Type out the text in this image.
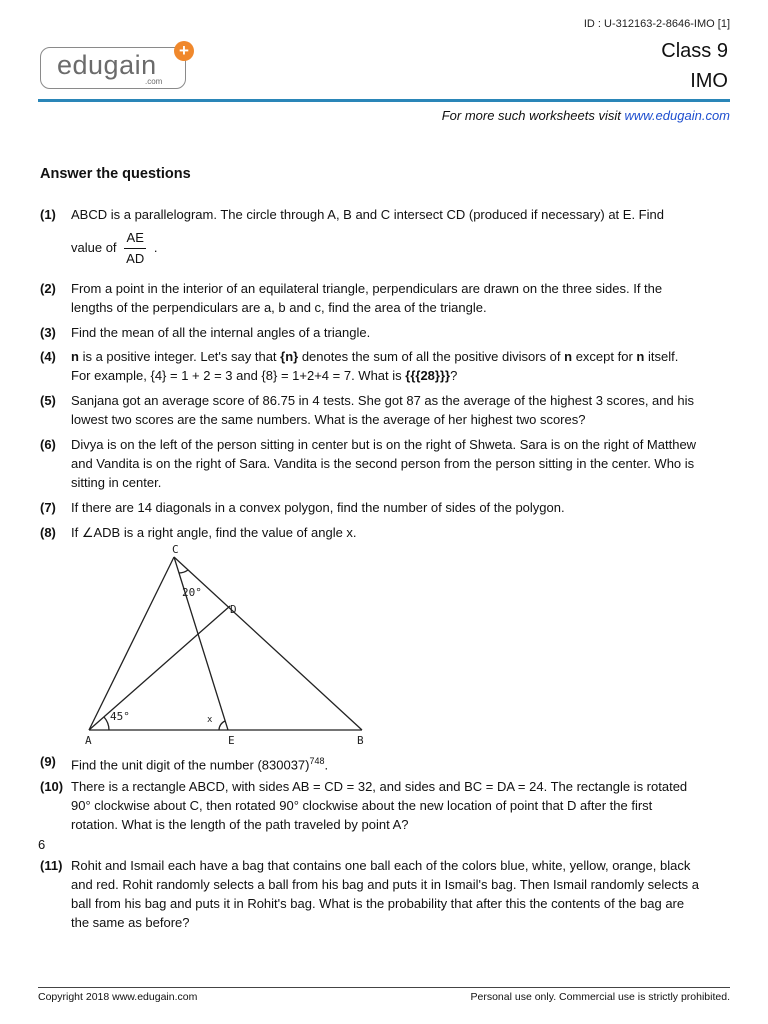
ID : U-312163-2-8646-IMO [1]
Class 9
IMO
edugain
.com
+
For more such worksheets visit www.edugain.com
Answer the questions
(1) ABCD is a parallelogram. The circle through A, B and C intersect CD (produced if necessary) at E. Find
value of $\frac{AE}{AD}$ .
(2) From a point in the interior of an equilateral triangle, perpendiculars are drawn on the three sides. If the lengths of the perpendiculars are a, b and c, find the area of the triangle.
(3) Find the mean of all the internal angles of a triangle.
(4) n is a positive integer. Let's say that {n} denotes the sum of all the positive divisors of n except for n itself. For example, {4} = 1 + 2 = 3 and {8} = 1+2+4 = 7. What is {{{28}}}?
(5) Sanjana got an average score of 86.75 in 4 tests. She got 87 as the average of the highest 3 scores, and his lowest two scores are the same numbers. What is the average of her highest two scores?
(6) Divya is on the left of the person sitting in center but is on the right of Shweta. Sara is on the right of Matthew and Vandita is on the right of Sara. Vandita is the second person from the person sitting in the center. Who is sitting in center.
(7) If there are 14 diagonals in a convex polygon, find the number of sides of the polygon.
(8) If ∠ADB is a right angle, find the value of angle x.
C
D
20°
45°	x
A	E	B
(9) Find the unit digit of the number $(830037)^{748}$.
(10) There is a rectangle ABCD, with sides AB = CD = 32, and sides and BC = DA = 24. The rectangle is rotated 90° clockwise about C, then rotated 90° clockwise about the new location of point that D after the first rotation. What is the length of the path traveled by point A?
6
(11) Rohit and Ismail each have a bag that contains one ball each of the colors blue, white, yellow, orange, black and red. Rohit randomly selects a ball from his bag and puts it in Ismail's bag. Then Ismail randomly selects a ball from his bag and puts it in Rohit's bag. What is the probability that after this the contents of the bag are the same as before?
Copyright 2018 www.edugain.com	Personal use only. Commercial use is strictly prohibited.
